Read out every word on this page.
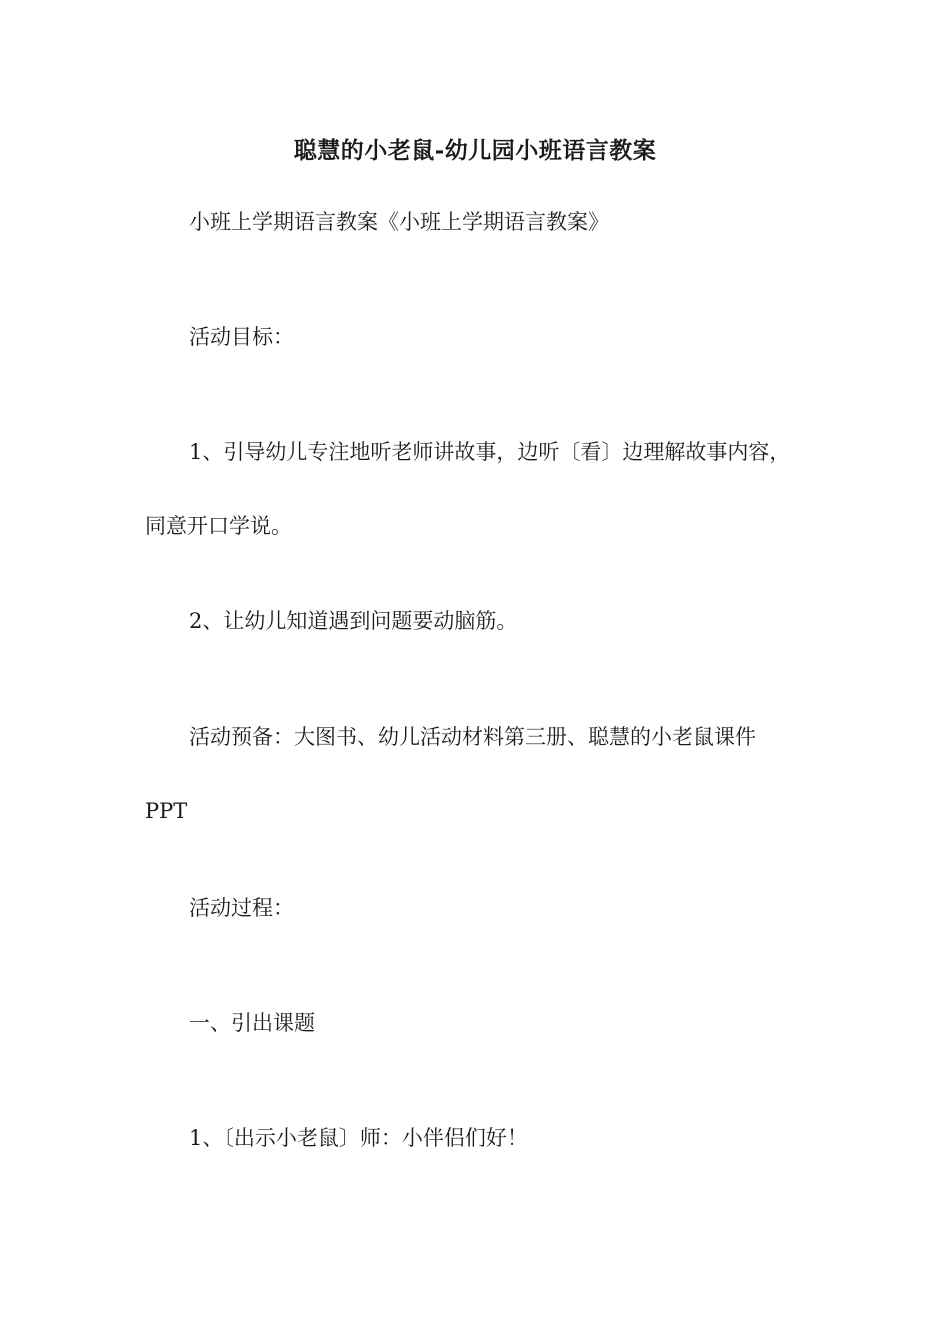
聪慧的小老鼠-幼儿园小班语言教案
小班上学期语言教案《小班上学期语言教案》
活动目标：
1、引导幼儿专注地听老师讲故事，边听〔看〕边理解故事内容，
同意开口学说。
2、让幼儿知道遇到问题要动脑筋。
活动预备：大图书、幼儿活动材料第三册、聪慧的小老鼠课件
PPT
活动过程：
一、引出课题
1、〔出示小老鼠〕师：小伴侣们好！
